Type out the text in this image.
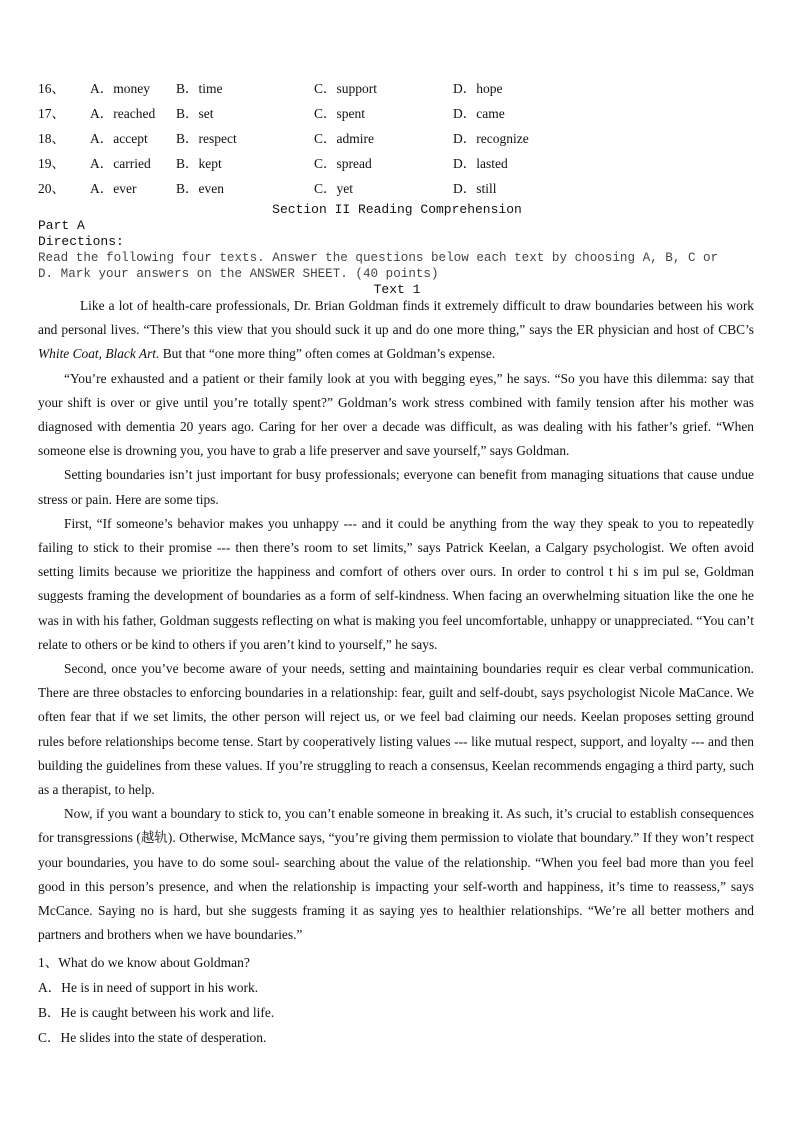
16、 A．money B．time	C．support	D．hope
17、 A．reached B．set	C．spent	D．came
18、 A．accept B．respect	C．admire	D．recognize
19、 A．carried B．kept	C．spread	D．lasted
20、 A．ever	B．even	C．yet	D．still
Section II Reading Comprehension
Part A
Directions:
Read the following four texts. Answer the questions below each text by choosing A, B, C or D. Mark your answers on the ANSWER SHEET. (40 points)
Text 1

Like a lot of health-care professionals, Dr. Brian Goldman finds it extremely difficult to draw boundaries between his work and personal lives. “There’s this view that you should suck it up and do one more thing,” says the ER physician and host of CBC’s White Coat, Black Art. But that “one more thing” often comes at Goldman’s expense.

“You’re exhausted and a patient or their family look at you with begging eyes,” he says. “So you have this dilemma: say that your shift is over or give until you’re totally spent?” Goldman’s work stress combined with family tension after his mother was diagnosed with dementia 20 years ago. Caring for her over a decade was difficult, as was dealing with his father’s grief. “When someone else is drowning you, you have to grab a life preserver and save yourself,” says Goldman.

Setting boundaries isn’t just important for busy professionals; everyone can benefit from managing situations that cause undue stress or pain. Here are some tips.

First, “If someone’s behavior makes you unhappy --- and it could be anything from the way they speak to you to repeatedly failing to stick to their promise --- then there’s room to set limits,” says Patrick Keelan, a Calgary psychologist. We often avoid setting limits because we prioritize the happiness and comfort of others over ours. In order to control t hi s im pul se, Goldman suggests framing the development of boundaries as a form of self-kindness. When facing an overwhelming situation like the one he was in with his father, Goldman suggests reflecting on what is making you feel uncomfortable, unhappy or unappreciated. “You can’t relate to others or be kind to others if you aren’t kind to yourself,” he says.

Second, once you’ve become aware of your needs, setting and maintaining boundaries requir es clear verbal communication. There are three obstacles to enforcing boundaries in a relationship: fear, guilt and self-doubt, says psychologist Nicole MaCance. We often fear that if we set limits, the other person will reject us, or we feel bad claiming our needs. Keelan proposes setting ground rules before relationships become tense. Start by cooperatively listing values --- like mutual respect, support, and loyalty --- and then building the guidelines from these values. If you’re struggling to reach a consensus, Keelan recommends engaging a third party, such as a therapist, to help.

Now, if you want a boundary to stick to, you can’t enable someone in breaking it. As such, it’s crucial to establish consequences for transgressions (越轨). Otherwise, McMance says, “you’re giving them permission to violate that boundary.” If they won’t respect your boundaries, you have to do some soul- searching about the value of the relationship. “When you feel bad more than you feel good in this person’s presence, and when the relationship is impacting your self-worth and happiness, it’s time to reassess,” says McCance. Saying no is hard, but she suggests framing it as saying yes to healthier relationships. “We’re all better mothers and partners and brothers when we have boundaries.”

1、What do we know about Goldman?
A．He is in need of support in his work.
B．He is caught between his work and life.
C．He slides into the state of desperation.
